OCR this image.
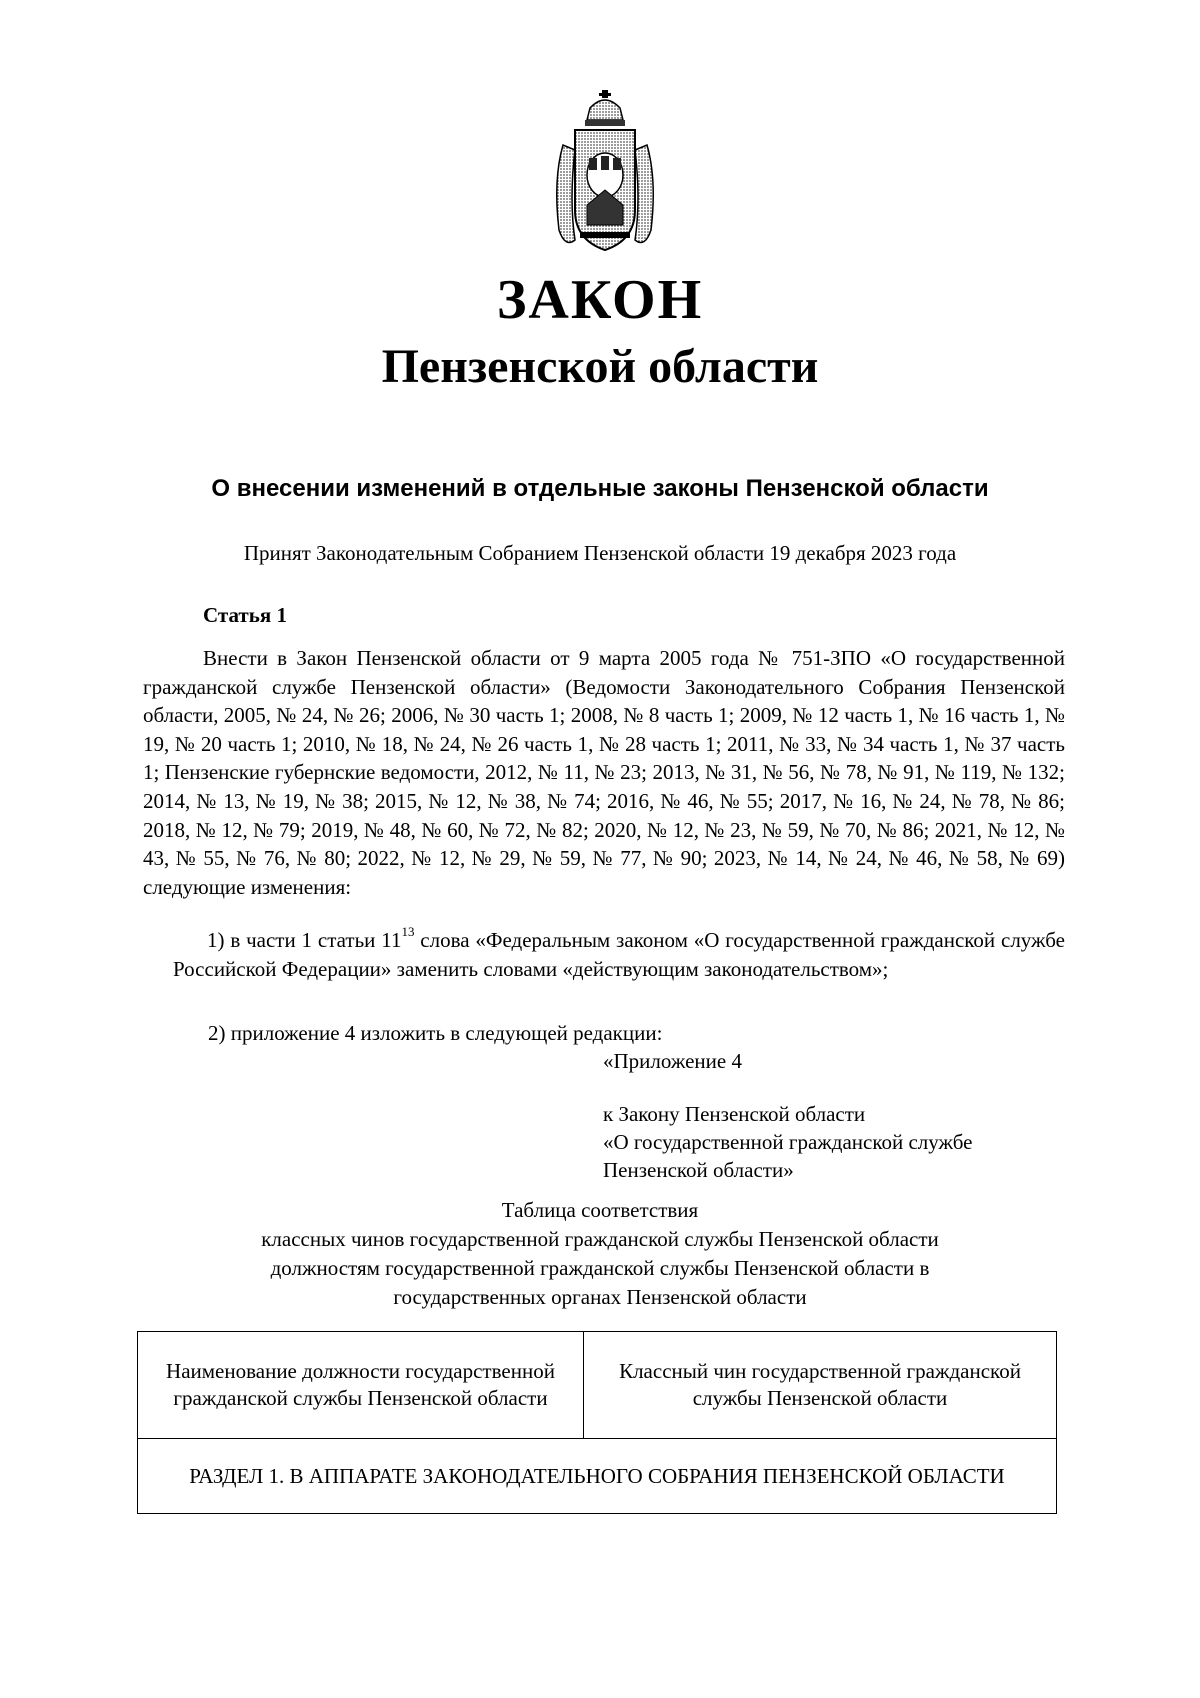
ЗАКОН
Пензенской области
О внесении изменений в отдельные законы Пензенской области
Принят Законодательным Собранием Пензенской области 19 декабря 2023 года
Статья 1
Внести в Закон Пензенской области от 9 марта 2005 года № 751-ЗПО «О государственной гражданской службе Пензенской области» (Ведомости Законодательного Собрания Пензенской области, 2005, № 24, № 26; 2006, № 30 часть 1; 2008, № 8 часть 1; 2009, № 12 часть 1, № 16 часть 1, № 19, № 20 часть 1; 2010, № 18, № 24, № 26 часть 1, № 28 часть 1; 2011, № 33, № 34 часть 1, № 37 часть 1; Пензенские губернские ведомости, 2012, № 11, № 23; 2013, № 31, № 56, № 78, № 91, № 119, № 132; 2014, № 13, № 19, № 38; 2015, № 12, № 38, № 74; 2016, № 46, № 55; 2017, № 16, № 24, № 78, № 86; 2018, № 12, № 79; 2019, № 48, № 60, № 72, № 82; 2020, № 12, № 23, № 59, № 70, № 86; 2021, № 12, № 43, № 55, № 76, № 80; 2022, № 12, № 29, № 59, № 77, № 90; 2023, № 14, № 24, № 46, № 58, № 69) следующие изменения:
1) в части 1 статьи $11^{13}$ слова «Федеральным законом «О государственной гражданской службе Российской Федерации» заменить словами «действующим законодательством»;
2) приложение 4 изложить в следующей редакции:
«Приложение 4
к Закону Пензенской области
«О государственной гражданской службе
Пензенской области»
Таблица соответствия
классных чинов государственной гражданской службы Пензенской области
должностям государственной гражданской службы Пензенской области в
государственных органах Пензенской области
Наименование должности государственной гражданской службы Пензенской области	Классный чин государственной гражданской службы Пензенской области
РАЗДЕЛ 1. В АППАРАТЕ ЗАКОНОДАТЕЛЬНОГО СОБРАНИЯ ПЕНЗЕНСКОЙ ОБЛАСТИ
